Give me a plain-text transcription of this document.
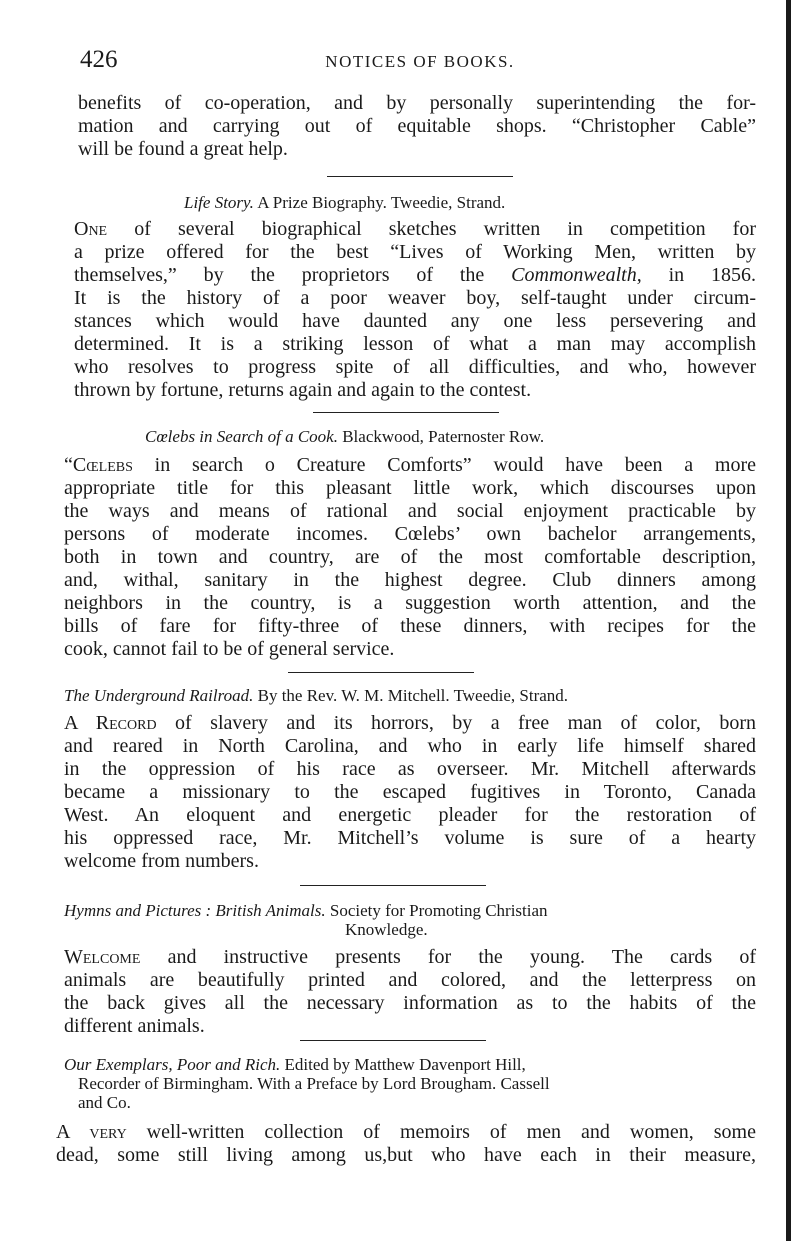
426	NOTICES OF BOOKS.
benefits of co-operation, and by personally superintending the for-
mation and carrying out of equitable shops. “Christopher Cable”
will be found a great help.
Life Story. A Prize Biography. Tweedie, Strand.
One of several biographical sketches written in competition for
a prize offered for the best “Lives of Working Men, written by
themselves,” by the proprietors of the Commonwealth, in 1856.
It is the history of a poor weaver boy, self-taught under circum-
stances which would have daunted any one less persevering and
determined. It is a striking lesson of what a man may accomplish
who resolves to progress spite of all difficulties, and who, however
thrown by fortune, returns again and again to the contest.
Cœlebs in Search of a Cook. Blackwood, Paternoster Row.
“Cœlebs in search o Creature Comforts” would have been a more
appropriate title for this pleasant little work, which discourses upon
the ways and means of rational and social enjoyment practicable by
persons of moderate incomes. Cœlebs’ own bachelor arrangements,
both in town and country, are of the most comfortable description,
and, withal, sanitary in the highest degree. Club dinners among
neighbors in the country, is a suggestion worth attention, and the
bills of fare for fifty-three of these dinners, with recipes for the
cook, cannot fail to be of general service.
The Underground Railroad. By the Rev. W. M. Mitchell. Tweedie, Strand.
A Record of slavery and its horrors, by a free man of color, born
and reared in North Carolina, and who in early life himself shared
in the oppression of his race as overseer. Mr. Mitchell afterwards
became a missionary to the escaped fugitives in Toronto, Canada
West. An eloquent and energetic pleader for the restoration of
his oppressed race, Mr. Mitchell’s volume is sure of a hearty
welcome from numbers.
Hymns and Pictures : British Animals. Society for Promoting Christian
Knowledge.
Welcome and instructive presents for the young. The cards of
animals are beautifully printed and colored, and the letterpress on
the back gives all the necessary information as to the habits of the
different animals.
Our Exemplars, Poor and Rich. Edited by Matthew Davenport Hill,
Recorder of Birmingham. With a Preface by Lord Brougham. Cassell
and Co.
A very well-written collection of memoirs of men and women, some
dead, some still living among us,but who have each in their measure,
